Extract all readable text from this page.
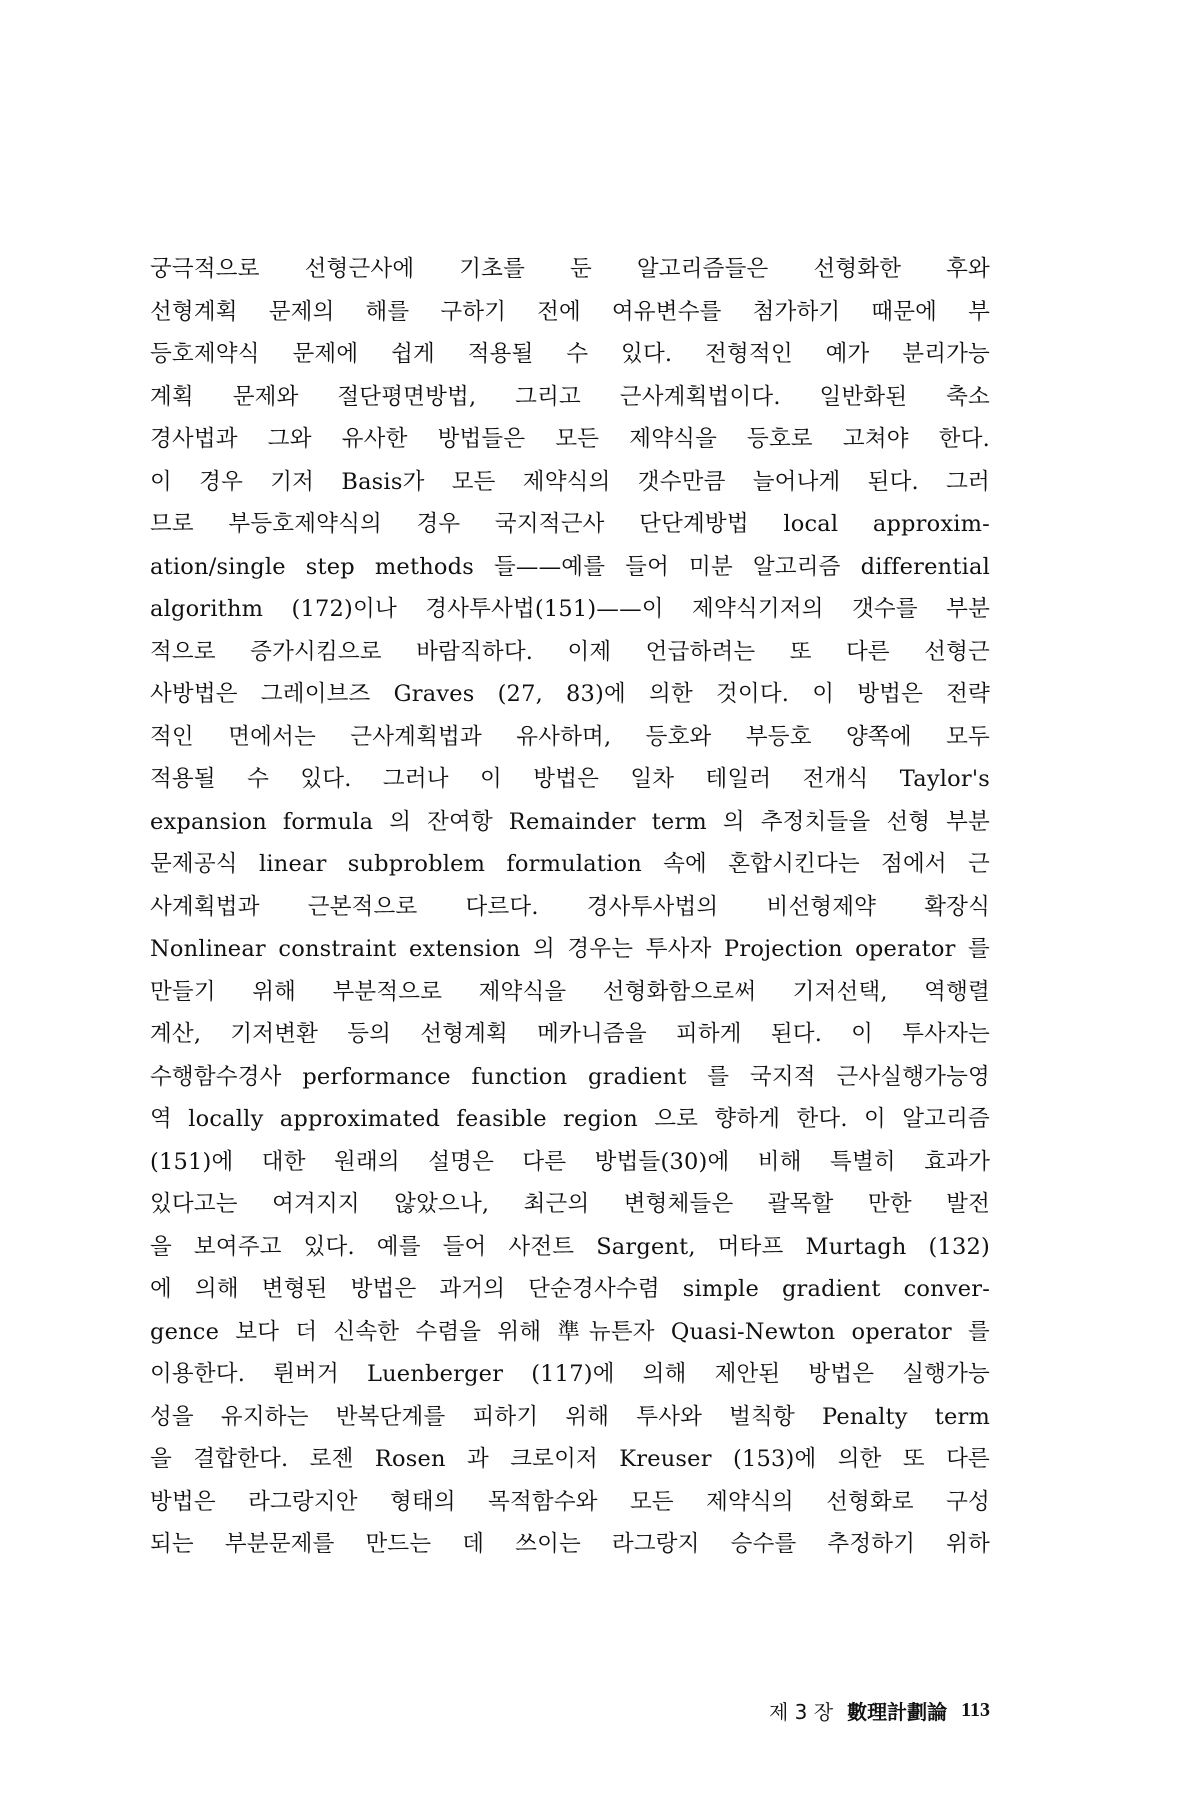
궁극적으로 선형근사에 기초를 둔 알고리즘들은 선형화한 후와
선형계획 문제의 해를 구하기 전에 여유변수를 첨가하기 때문에 부
등호제약식 문제에 쉽게 적용될 수 있다. 전형적인 예가 분리가능
계획 문제와 절단평면방법, 그리고 근사계획법이다. 일반화된 축소
경사법과 그와 유사한 방법들은 모든 제약식을 등호로 고쳐야 한다.
이 경우 기저 Basis가 모든 제약식의 갯수만큼 늘어나게 된다. 그러
므로 부등호제약식의 경우 국지적근사 단단계방법 local approxim-
ation/single step methods 들——예를 들어 미분 알고리즘 differential
algorithm (172)이나 경사투사법(151)——이 제약식기저의 갯수를 부분
적으로 증가시킴으로 바람직하다. 이제 언급하려는 또 다른 선형근
사방법은 그레이브즈 Graves (27, 83)에 의한 것이다. 이 방법은 전략
적인 면에서는 근사계획법과 유사하며, 등호와 부등호 양쪽에 모두
적용될 수 있다. 그러나 이 방법은 일차 테일러 전개식 Taylor's
expansion formula 의 잔여항 Remainder term 의 추정치들을 선형 부분
문제공식 linear subproblem formulation 속에 혼합시킨다는 점에서 근
사계획법과 근본적으로 다르다. 경사투사법의 비선형제약 확장식
Nonlinear constraint extension 의 경우는 투사자 Projection operator 를
만들기 위해 부분적으로 제약식을 선형화함으로써 기저선택, 역행렬
계산, 기저변환 등의 선형계획 메카니즘을 피하게 된다. 이 투사자는
수행함수경사 performance function gradient 를 국지적 근사실행가능영
역 locally approximated feasible region 으로 향하게 한다. 이 알고리즘
(151)에 대한 원래의 설명은 다른 방법들(30)에 비해 특별히 효과가
있다고는 여겨지지 않았으나, 최근의 변형체들은 괄목할 만한 발전
을 보여주고 있다. 예를 들어 사전트 Sargent, 머타프 Murtagh (132)
에 의해 변형된 방법은 과거의 단순경사수렴 simple gradient conver-
gence 보다 더 신속한 수렴을 위해 準뉴튼자 Quasi-Newton operator 를
이용한다. 륀버거 Luenberger (117)에 의해 제안된 방법은 실행가능
성을 유지하는 반복단계를 피하기 위해 투사와 벌칙항 Penalty term
을 결합한다. 로젠 Rosen 과 크로이저 Kreuser (153)에 의한 또 다른
방법은 라그랑지안 형태의 목적함수와 모든 제약식의 선형화로 구성
되는 부분문제를 만드는 데 쓰이는 라그랑지 승수를 추정하기 위하
제 3 장 數理計劃論 113
